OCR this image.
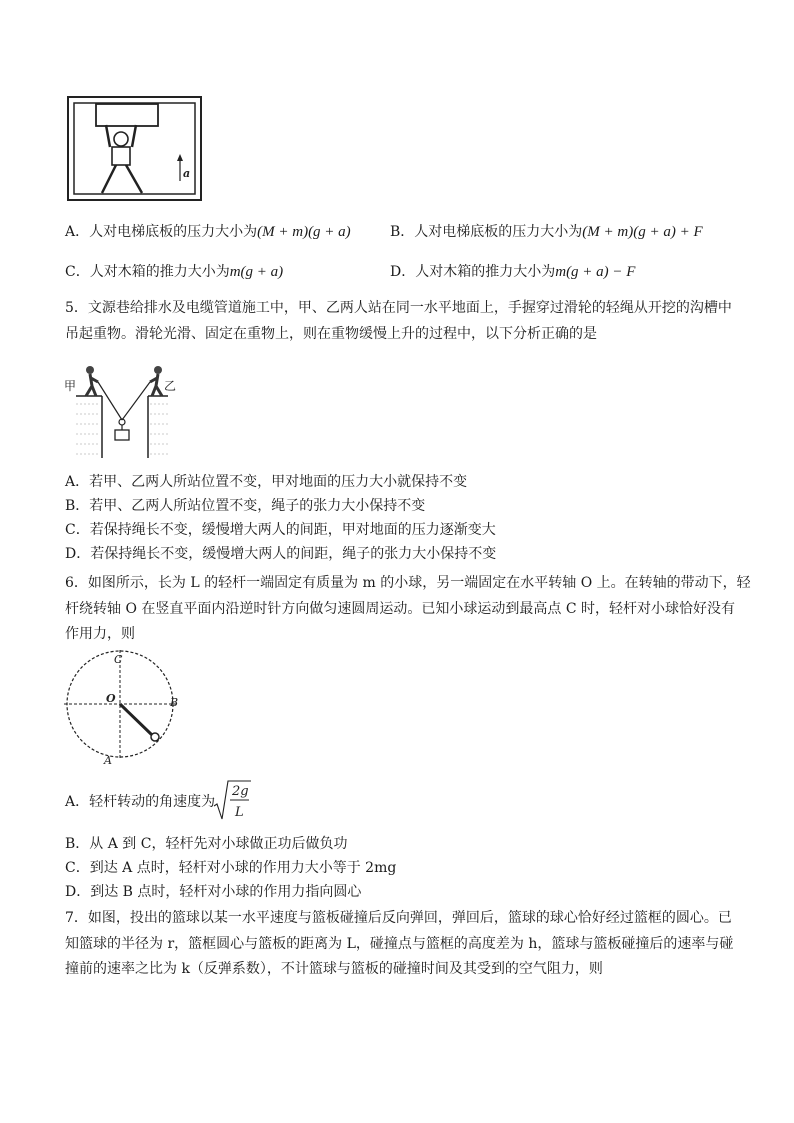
a
A．人对电梯底板的压力大小为(M + m)(g + a)	B．人对电梯底板的压力大小为(M + m)(g + a) + F
C．人对木箱的推力大小为m(g + a)	D．人对木箱的推力大小为m(g + a) − F
5．文源巷给排水及电缆管道施工中，甲、乙两人站在同一水平地面上，手握穿过滑轮的轻绳从开挖的沟槽中
吊起重物。滑轮光滑、固定在重物上，则在重物缓慢上升的过程中，以下分析正确的是
甲	乙
A．若甲、乙两人所站位置不变，甲对地面的压力大小就保持不变
B．若甲、乙两人所站位置不变，绳子的张力大小保持不变
C．若保持绳长不变，缓慢增大两人的间距，甲对地面的压力逐渐变大
D．若保持绳长不变，缓慢增大两人的间距，绳子的张力大小保持不变
6．如图所示，长为 L 的轻杆一端固定有质量为 m 的小球，另一端固定在水平转轴 O 上。在转轴的带动下，轻
杆绕转轴 O 在竖直平面内沿逆时针方向做匀速圆周运动。已知小球运动到最高点 C 时，轻杆对小球恰好没有
作用力，则
C
O	B
A
A．轻杆转动的角速度为
2g
L
B．从 A 到 C，轻杆先对小球做正功后做负功
C．到达 A 点时，轻杆对小球的作用力大小等于 2mg
D．到达 B 点时，轻杆对小球的作用力指向圆心
7．如图，投出的篮球以某一水平速度与篮板碰撞后反向弹回，弹回后，篮球的球心恰好经过篮框的圆心。已
知篮球的半径为 r，篮框圆心与篮板的距离为 L，碰撞点与篮框的高度差为 h，篮球与篮板碰撞后的速率与碰
撞前的速率之比为 k（反弹系数），不计篮球与篮板的碰撞时间及其受到的空气阻力，则
